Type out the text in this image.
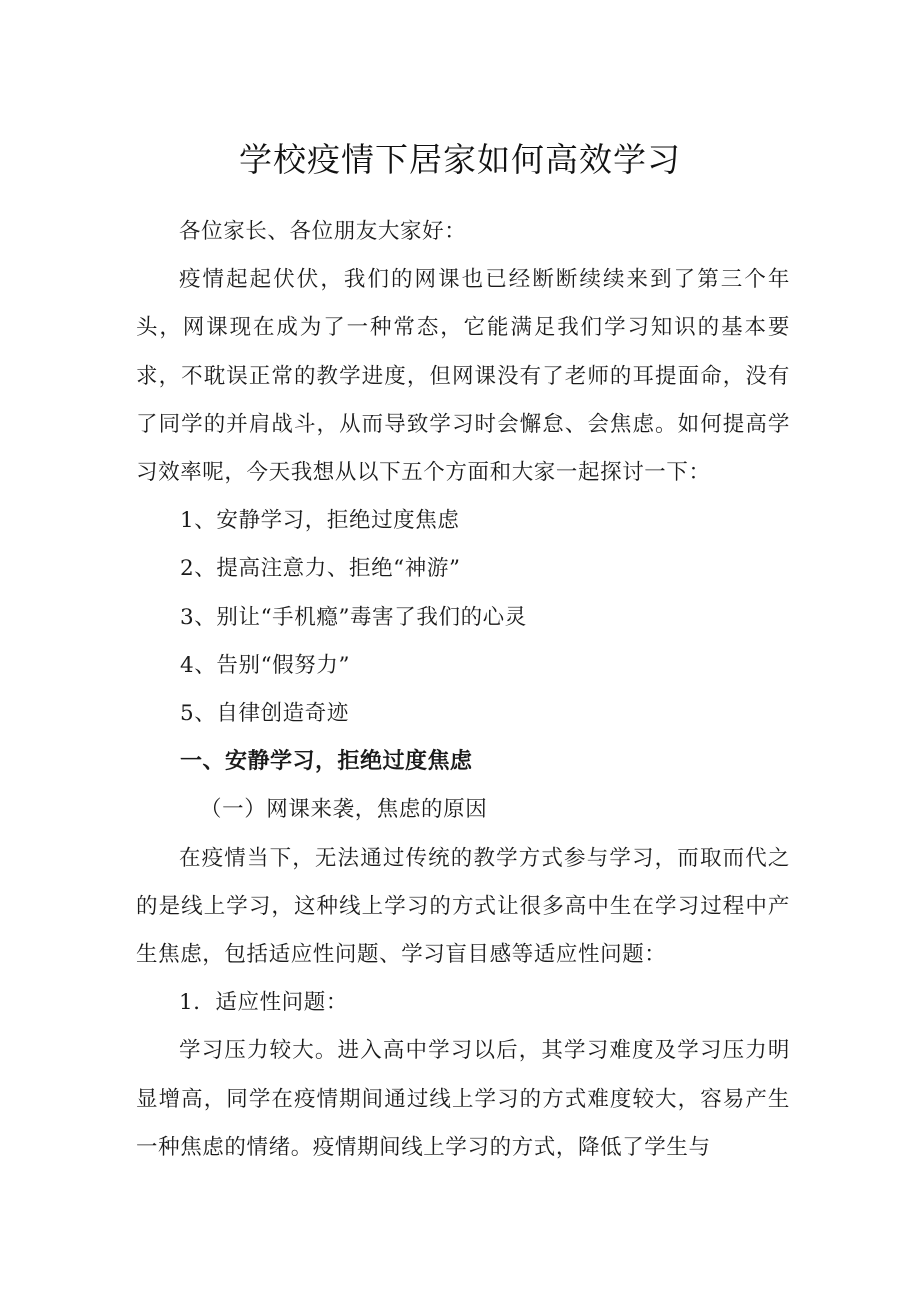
学校疫情下居家如何高效学习

各位家长、各位朋友大家好：

疫情起起伏伏，我们的网课也已经断断续续来到了第三个年头，网课现在成为了一种常态，它能满足我们学习知识的基本要求，不耽误正常的教学进度，但网课没有了老师的耳提面命，没有了同学的并肩战斗，从而导致学习时会懈怠、会焦虑。如何提高学习效率呢，今天我想从以下五个方面和大家一起探讨一下：

1、安静学习，拒绝过度焦虑

2、提高注意力、拒绝“神游”

3、别让“手机瘾”毒害了我们的心灵

4、告别“假努力”

5、自律创造奇迹

一、安静学习，拒绝过度焦虑

（一）网课来袭，焦虑的原因

在疫情当下，无法通过传统的教学方式参与学习，而取而代之的是线上学习，这种线上学习的方式让很多高中生在学习过程中产生焦虑，包括适应性问题、学习盲目感等适应性问题：

1．适应性问题：

学习压力较大。进入高中学习以后，其学习难度及学习压力明显增高，同学在疫情期间通过线上学习的方式难度较大，容易产生一种焦虑的情绪。疫情期间线上学习的方式，降低了学生与
